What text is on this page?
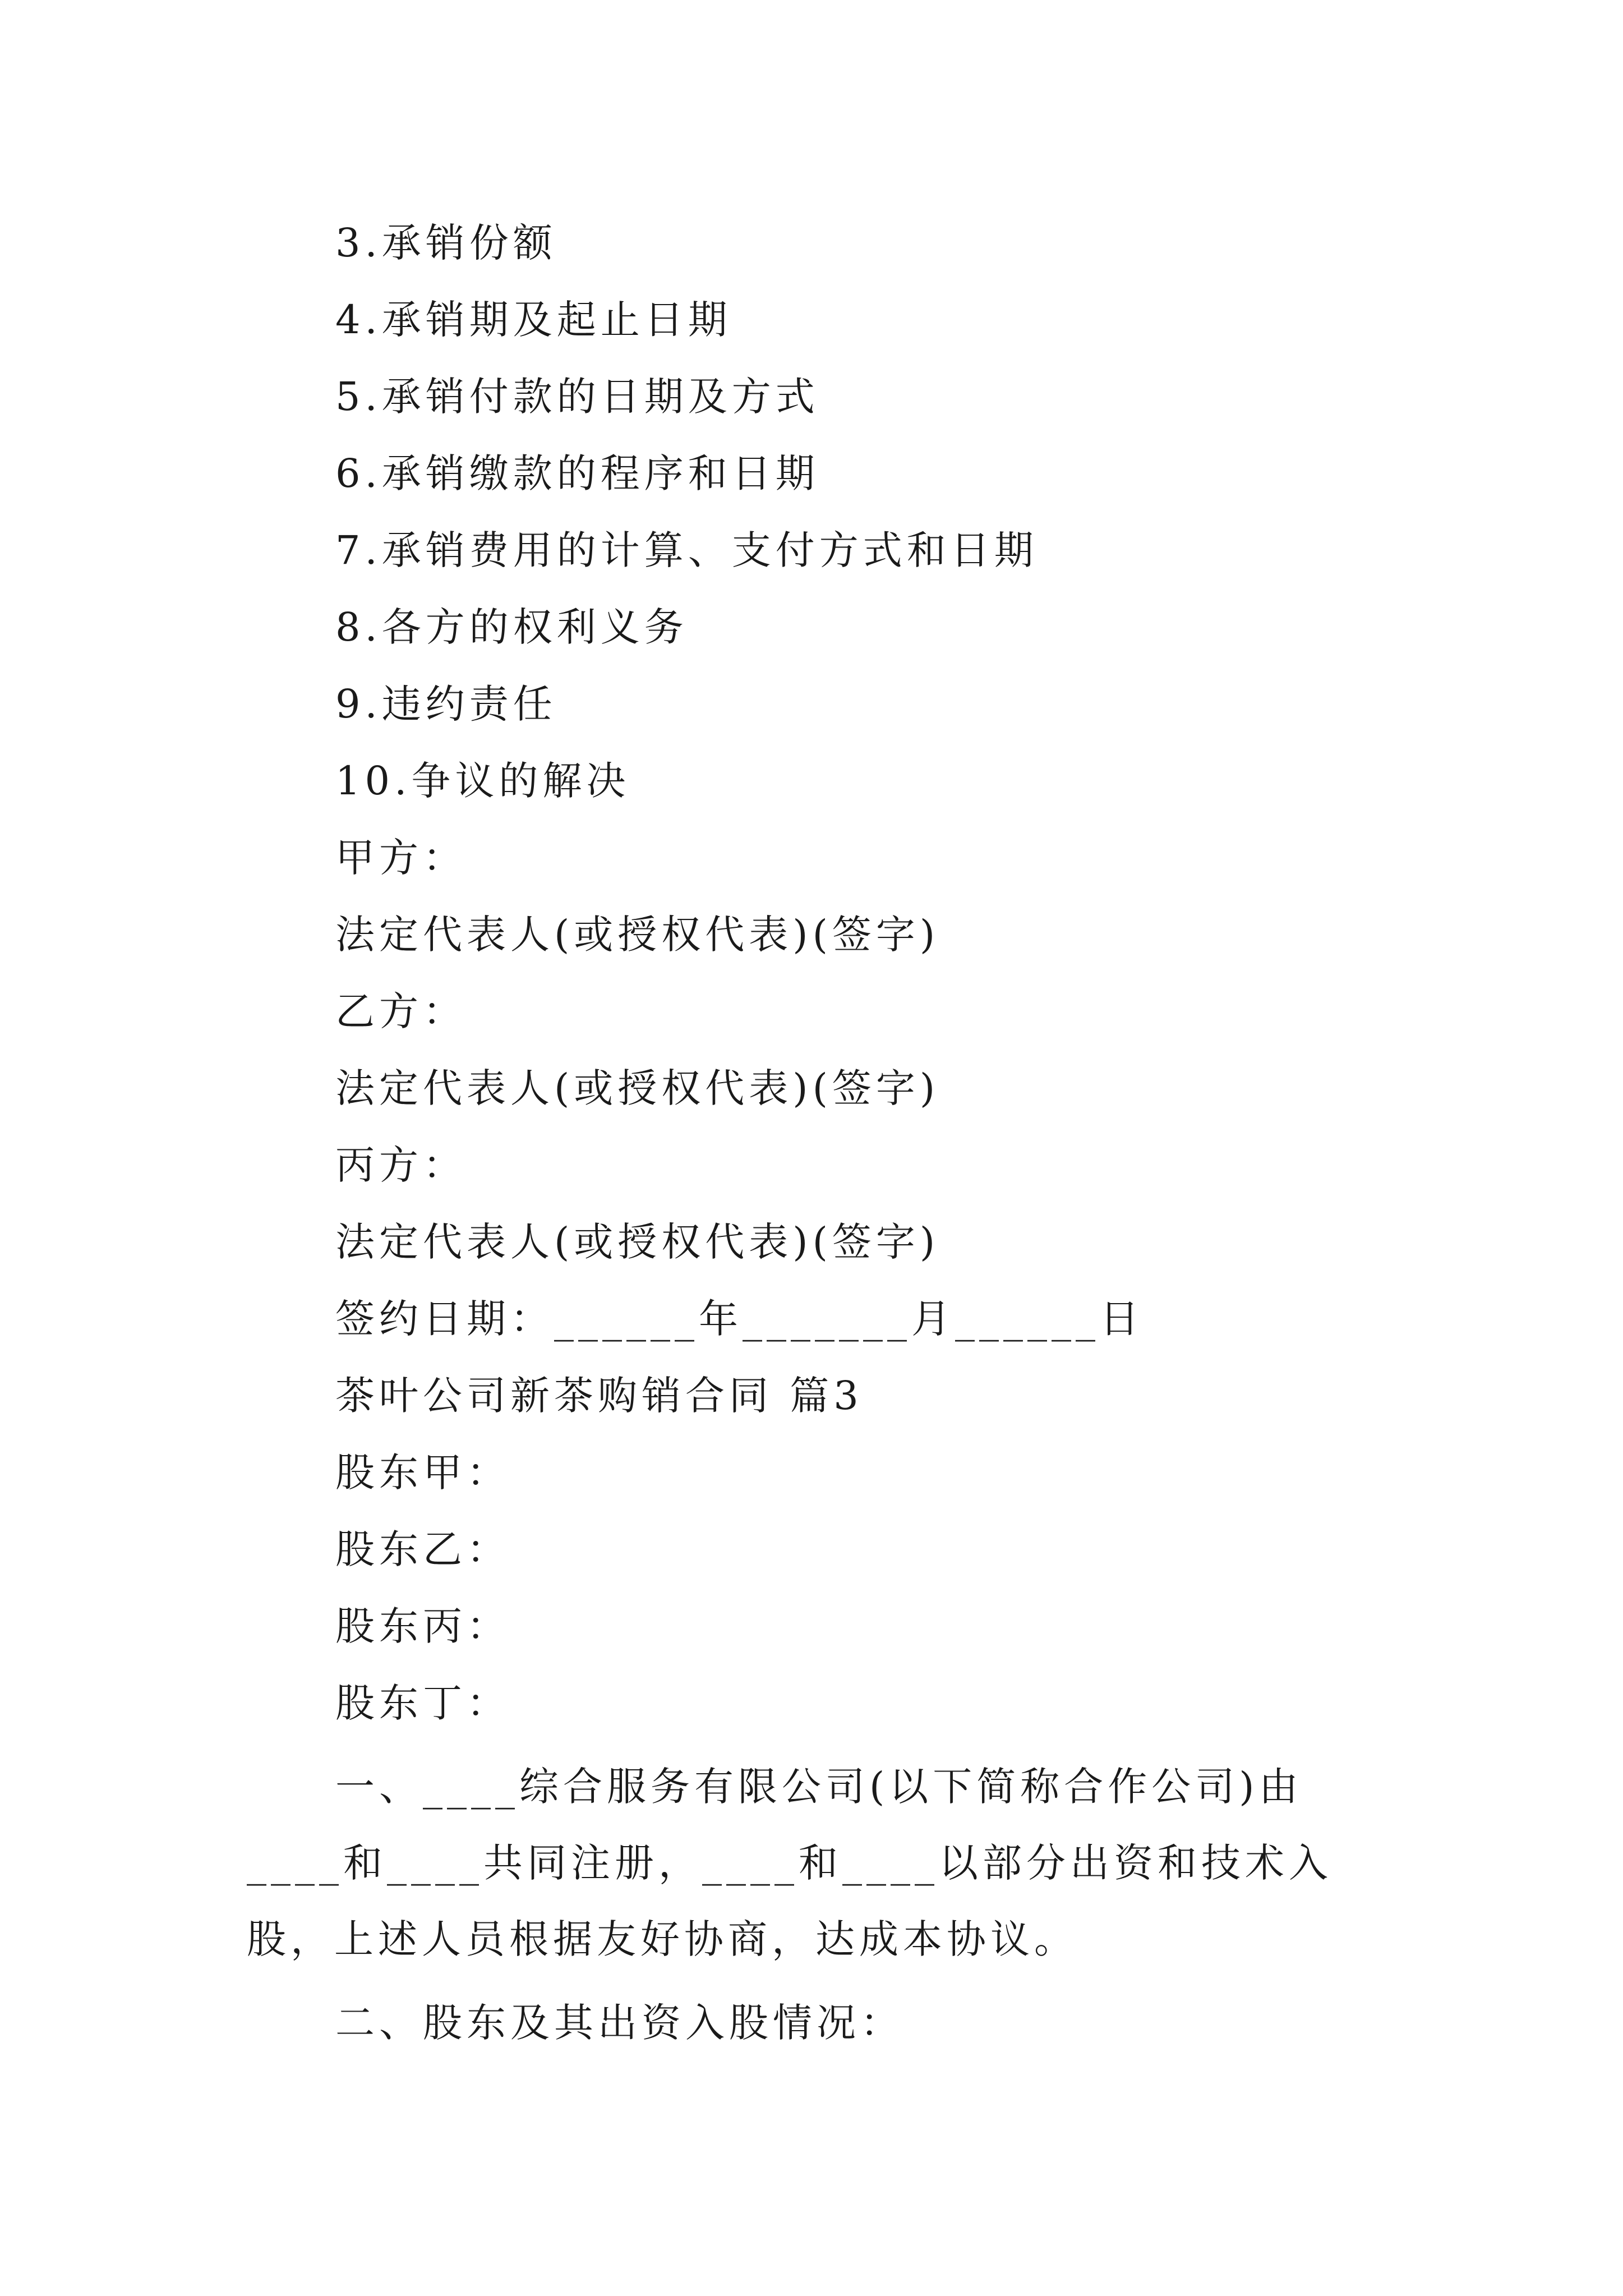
3.承销份额
4.承销期及起止日期
5.承销付款的日期及方式
6.承销缴款的程序和日期
7.承销费用的计算、支付方式和日期
8.各方的权利义务
9.违约责任
10.争议的解决
甲方：
法定代表人(或授权代表)(签字)
乙方：
法定代表人(或授权代表)(签字)
丙方：
法定代表人(或授权代表)(签字)
签约日期：______年_______月______日
茶叶公司新茶购销合同 篇3
股东甲：
股东乙：
股东丙：
股东丁：

一、____综合服务有限公司(以下简称合作公司)由____和____共同注册，____和____以部分出资和技术入股，上述人员根据友好协商，达成本协议。

二、股东及其出资入股情况：
